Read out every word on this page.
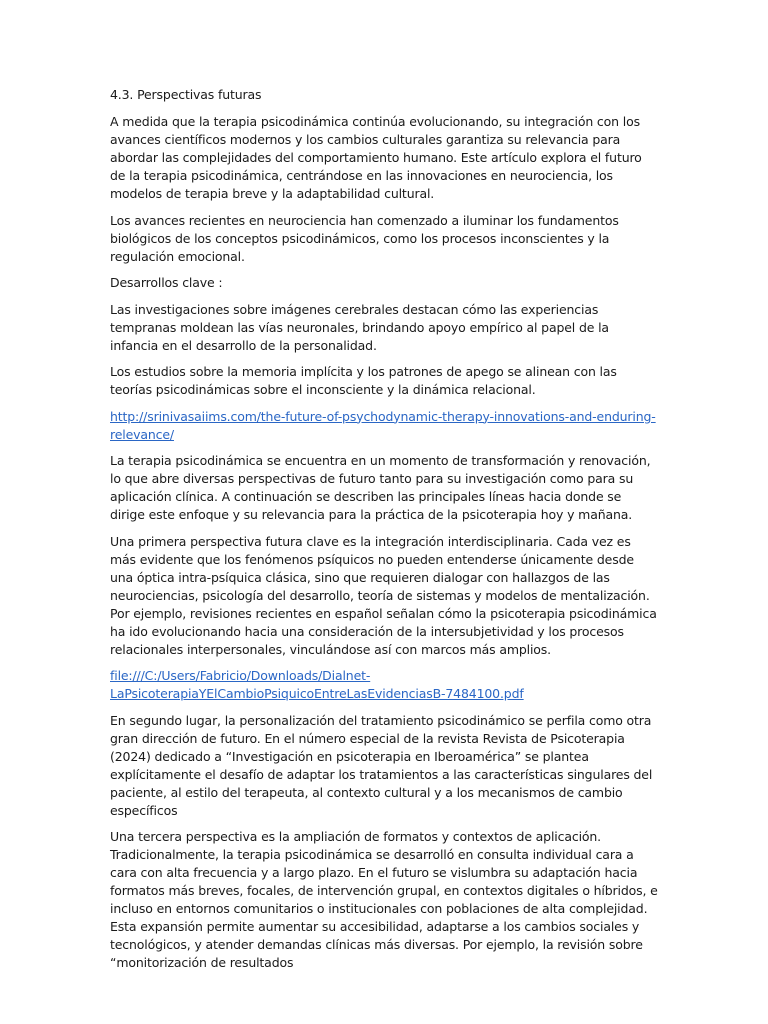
4.3. Perspectivas futuras

A medida que la terapia psicodinámica continúa evolucionando, su integración con los avances científicos modernos y los cambios culturales garantiza su relevancia para abordar las complejidades del comportamiento humano. Este artículo explora el futuro de la terapia psicodinámica, centrándose en las innovaciones en neurociencia, los modelos de terapia breve y la adaptabilidad cultural.

Los avances recientes en neurociencia han comenzado a iluminar los fundamentos biológicos de los conceptos psicodinámicos, como los procesos inconscientes y la regulación emocional.

Desarrollos clave :

Las investigaciones sobre imágenes cerebrales destacan cómo las experiencias tempranas moldean las vías neuronales, brindando apoyo empírico al papel de la infancia en el desarrollo de la personalidad.

Los estudios sobre la memoria implícita y los patrones de apego se alinean con las teorías psicodinámicas sobre el inconsciente y la dinámica relacional.

http://srinivasaiims.com/the-future-of-psychodynamic-therapy-innovations-and-enduring-relevance/

La terapia psicodinámica se encuentra en un momento de transformación y renovación, lo que abre diversas perspectivas de futuro tanto para su investigación como para su aplicación clínica. A continuación se describen las principales líneas hacia donde se dirige este enfoque y su relevancia para la práctica de la psicoterapia hoy y mañana.

Una primera perspectiva futura clave es la integración interdisciplinaria. Cada vez es más evidente que los fenómenos psíquicos no pueden entenderse únicamente desde una óptica intra-psíquica clásica, sino que requieren dialogar con hallazgos de las neurociencias, psicología del desarrollo, teoría de sistemas y modelos de mentalización. Por ejemplo, revisiones recientes en español señalan cómo la psicoterapia psicodinámica ha ido evolucionando hacia una consideración de la intersubjetividad y los procesos relacionales interpersonales, vinculándose así con marcos más amplios.

file:///C:/Users/Fabricio/Downloads/Dialnet-LaPsicoterapiaYElCambioPsiquicoEntreLasEvidenciasB-7484100.pdf

En segundo lugar, la personalización del tratamiento psicodinámico se perfila como otra gran dirección de futuro. En el número especial de la revista Revista de Psicoterapia (2024) dedicado a “Investigación en psicoterapia en Iberoamérica” se plantea explícitamente el desafío de adaptar los tratamientos a las características singulares del paciente, al estilo del terapeuta, al contexto cultural y a los mecanismos de cambio específicos

Una tercera perspectiva es la ampliación de formatos y contextos de aplicación. Tradicionalmente, la terapia psicodinámica se desarrolló en consulta individual cara a cara con alta frecuencia y a largo plazo. En el futuro se vislumbra su adaptación hacia formatos más breves, focales, de intervención grupal, en contextos digitales o híbridos, e incluso en entornos comunitarios o institucionales con poblaciones de alta complejidad. Esta expansión permite aumentar su accesibilidad, adaptarse a los cambios sociales y tecnológicos, y atender demandas clínicas más diversas. Por ejemplo, la revisión sobre “monitorización de resultados
